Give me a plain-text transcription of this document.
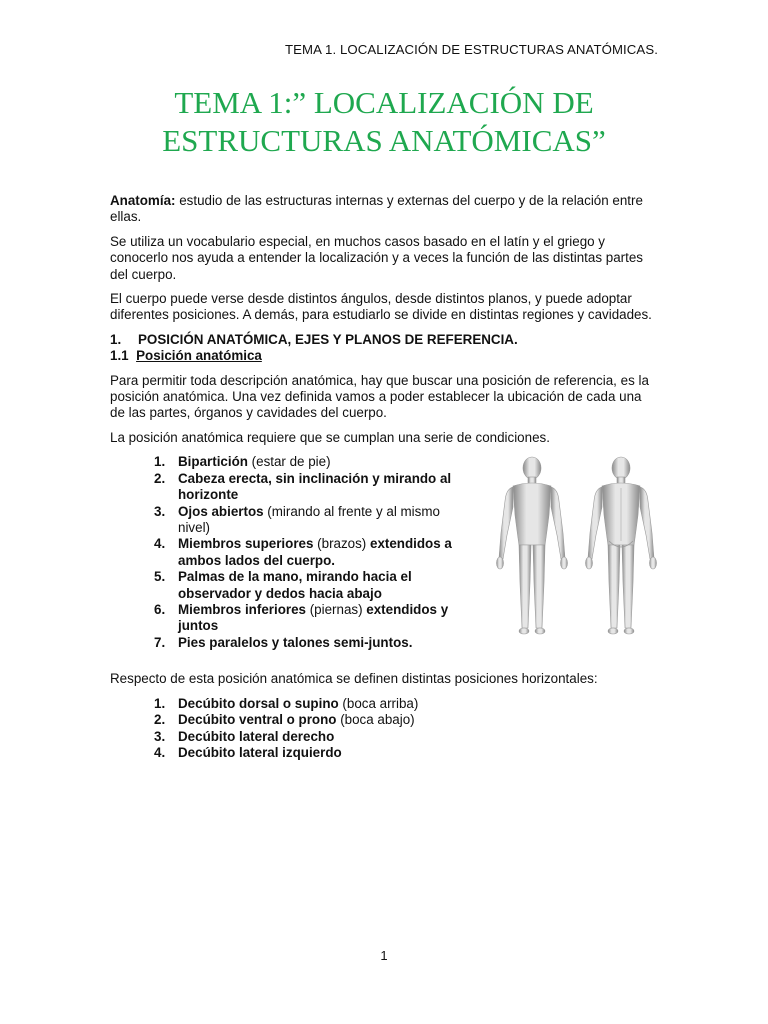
TEMA 1. LOCALIZACIÓN DE ESTRUCTURAS ANATÓMICAS.
TEMA 1:” LOCALIZACIÓN DE
ESTRUCTURAS ANATÓMICAS”

Anatomía: estudio de las estructuras internas y externas del cuerpo y de la relación entre ellas.

Se utiliza un vocabulario especial, en muchos casos basado en el latín y el griego y conocerlo nos ayuda a entender la localización y a veces la función de las distintas partes del cuerpo.

El cuerpo puede verse desde distintos ángulos, desde distintos planos, y puede adoptar diferentes posiciones. A demás, para estudiarlo se divide en distintas regiones y cavidades.

1.	POSICIÓN ANATÓMICA, EJES Y PLANOS DE REFERENCIA.
1.1 Posición anatómica

Para permitir toda descripción anatómica, hay que buscar una posición de referencia, es la posición anatómica. Una vez definida vamos a poder establecer la ubicación de cada una de las partes, órganos y cavidades del cuerpo.

La posición anatómica requiere que se cumplan una serie de condiciones.

1. Bipartición (estar de pie)
2. Cabeza erecta, sin inclinación y mirando al horizonte
3. Ojos abiertos (mirando al frente y al mismo nivel)
4. Miembros superiores (brazos) extendidos a ambos lados del cuerpo.
5. Palmas de la mano, mirando hacia el observador y dedos hacia abajo
6. Miembros inferiores (piernas) extendidos y juntos
7. Pies paralelos y talones semi-juntos.

Respecto de esta posición anatómica se definen distintas posiciones horizontales:

1. Decúbito dorsal o supino (boca arriba)
2. Decúbito ventral o prono (boca abajo)
3. Decúbito lateral derecho
4. Decúbito lateral izquierdo
1
